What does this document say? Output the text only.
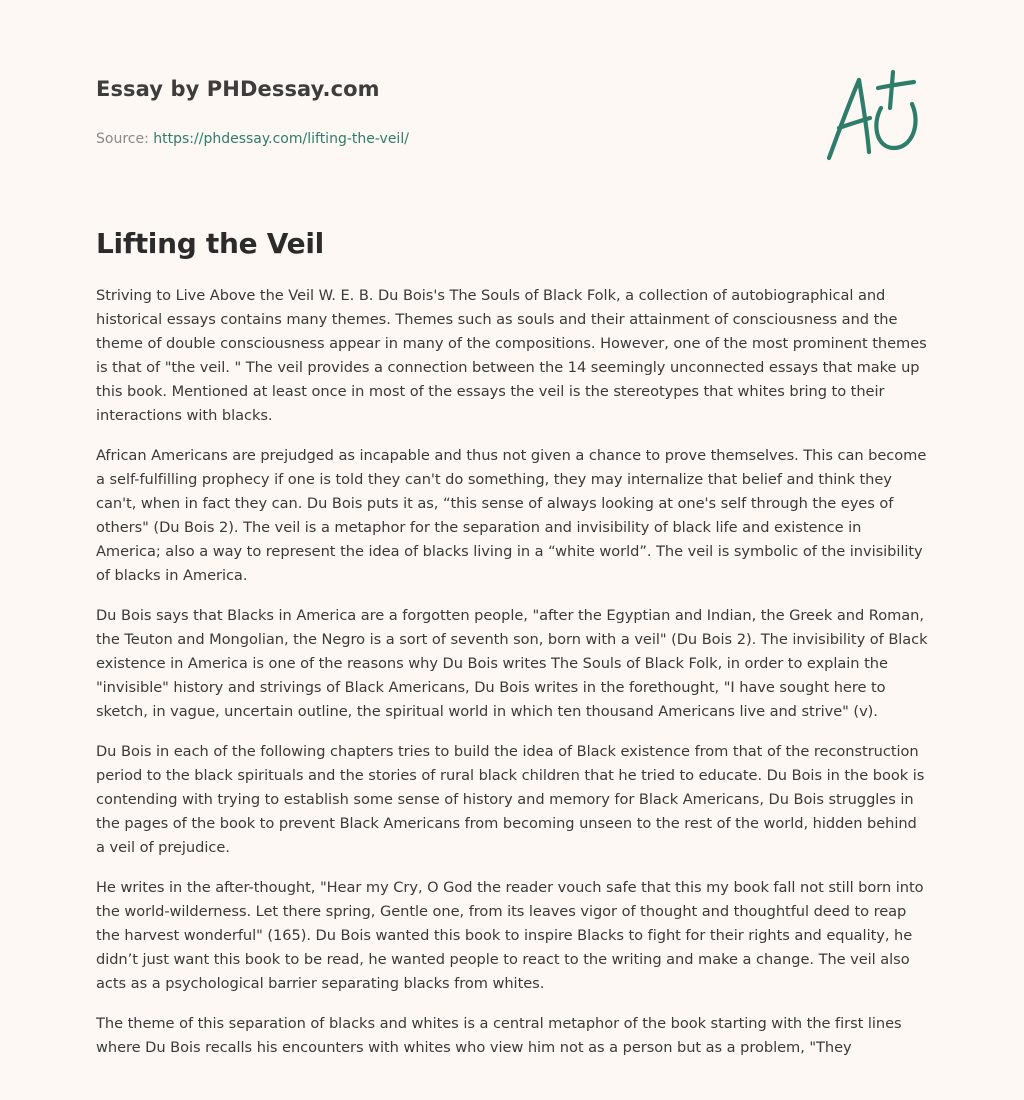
Essay by PHDessay.com
Source: https://phdessay.com/lifting-the-veil/
Lifting the Veil

Striving to Live Above the Veil W. E. B. Du Bois's The Souls of Black Folk, a collection of autobiographical and historical essays contains many themes. Themes such as souls and their attainment of consciousness and the theme of double consciousness appear in many of the compositions. However, one of the most prominent themes is that of "the veil. " The veil provides a connection between the 14 seemingly unconnected essays that make up this book. Mentioned at least once in most of the essays the veil is the stereotypes that whites bring to their interactions with blacks.

African Americans are prejudged as incapable and thus not given a chance to prove themselves. This can become a self-fulfilling prophecy if one is told they can't do something, they may internalize that belief and think they can't, when in fact they can. Du Bois puts it as, “this sense of always looking at one's self through the eyes of others" (Du Bois 2). The veil is a metaphor for the separation and invisibility of black life and existence in America; also a way to represent the idea of blacks living in a “white world”. The veil is symbolic of the invisibility of blacks in America.

Du Bois says that Blacks in America are a forgotten people, "after the Egyptian and Indian, the Greek and Roman, the Teuton and Mongolian, the Negro is a sort of seventh son, born with a veil" (Du Bois 2). The invisibility of Black existence in America is one of the reasons why Du Bois writes The Souls of Black Folk, in order to explain the "invisible" history and strivings of Black Americans, Du Bois writes in the forethought, "I have sought here to sketch, in vague, uncertain outline, the spiritual world in which ten thousand Americans live and strive" (v).

Du Bois in each of the following chapters tries to build the idea of Black existence from that of the reconstruction period to the black spirituals and the stories of rural black children that he tried to educate. Du Bois in the book is contending with trying to establish some sense of history and memory for Black Americans, Du Bois struggles in the pages of the book to prevent Black Americans from becoming unseen to the rest of the world, hidden behind a veil of prejudice.

He writes in the after-thought, "Hear my Cry, O God the reader vouch safe that this my book fall not still born into the world-wilderness. Let there spring, Gentle one, from its leaves vigor of thought and thoughtful deed to reap the harvest wonderful" (165). Du Bois wanted this book to inspire Blacks to fight for their rights and equality, he didn’t just want this book to be read, he wanted people to react to the writing and make a change. The veil also acts as a psychological barrier separating blacks from whites.

The theme of this separation of blacks and whites is a central metaphor of the book starting with the first lines where Du Bois recalls his encounters with whites who view him not as a person but as a problem, "They
